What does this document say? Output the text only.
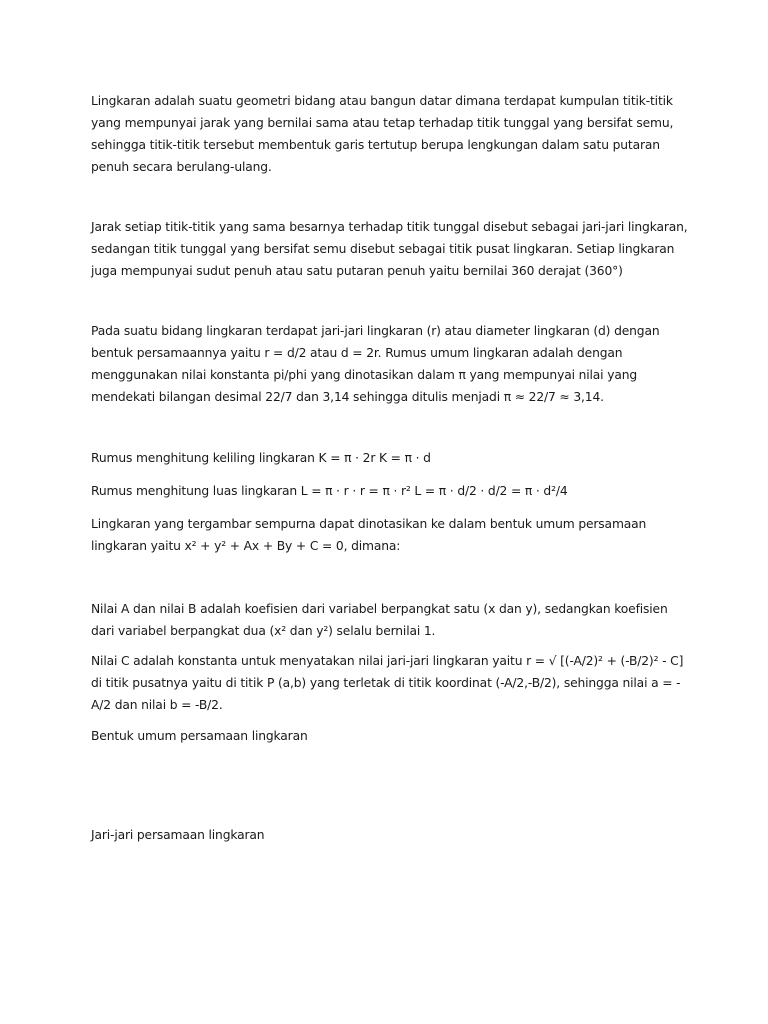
Lingkaran adalah suatu geometri bidang atau bangun datar dimana terdapat kumpulan titik-titik yang mempunyai jarak yang bernilai sama atau tetap terhadap titik tunggal yang bersifat semu, sehingga titik-titik tersebut membentuk garis tertutup berupa lengkungan dalam satu putaran penuh secara berulang-ulang.

Jarak setiap titik-titik yang sama besarnya terhadap titik tunggal disebut sebagai jari-jari lingkaran, sedangan titik tunggal yang bersifat semu disebut sebagai titik pusat lingkaran. Setiap lingkaran juga mempunyai sudut penuh atau satu putaran penuh yaitu bernilai 360 derajat (360°)

Pada suatu bidang lingkaran terdapat jari-jari lingkaran (r) atau diameter lingkaran (d) dengan bentuk persamaannya yaitu r = d/2 atau d = 2r. Rumus umum lingkaran adalah dengan menggunakan nilai konstanta pi/phi yang dinotasikan dalam π yang mempunyai nilai yang mendekati bilangan desimal 22/7 dan 3,14 sehingga ditulis menjadi π ≈ 22/7 ≈ 3,14.

Rumus menghitung keliling lingkaran K = π · 2r K = π · d

Rumus menghitung luas lingkaran L = π · r · r = π · r² L = π · d/2 · d/2 = π · d²/4

Lingkaran yang tergambar sempurna dapat dinotasikan ke dalam bentuk umum persamaan lingkaran yaitu x² + y² + Ax + By + C = 0, dimana:

Nilai A dan nilai B adalah koefisien dari variabel berpangkat satu (x dan y), sedangkan koefisien dari variabel berpangkat dua (x² dan y²) selalu bernilai 1.

Nilai C adalah konstanta untuk menyatakan nilai jari-jari lingkaran yaitu r = √ [(-A/2)² + (-B/2)² - C] di titik pusatnya yaitu di titik P (a,b) yang terletak di titik koordinat (-A/2,-B/2), sehingga nilai a = -A/2 dan nilai b = -B/2.

Bentuk umum persamaan lingkaran

Jari-jari persamaan lingkaran
